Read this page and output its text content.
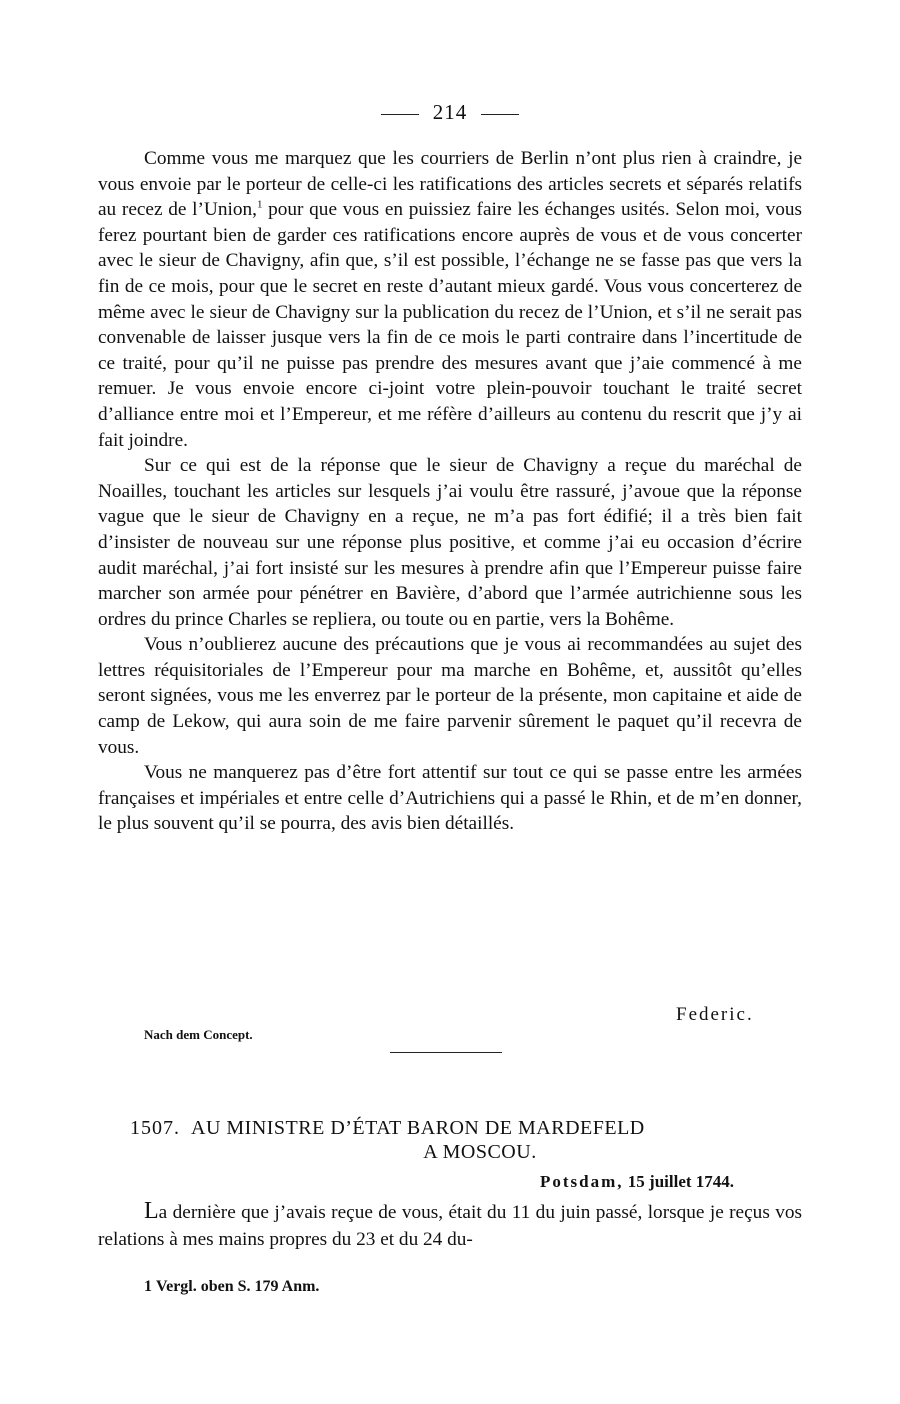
214

Comme vous me marquez que les courriers de Berlin n’ont plus rien à craindre, je vous envoie par le porteur de celle-ci les ratifications des articles secrets et séparés relatifs au recez de l’Union,$^1$ pour que vous en puissiez faire les échanges usités. Selon moi, vous ferez pourtant bien de garder ces ratifications encore auprès de vous et de vous concerter avec le sieur de Chavigny, afin que, s’il est possible, l’échange ne se fasse pas que vers la fin de ce mois, pour que le secret en reste d’autant mieux gardé. Vous vous concerterez de même avec le sieur de Chavigny sur la publication du recez de l’Union, et s’il ne serait pas convenable de laisser jusque vers la fin de ce mois le parti contraire dans l’incertitude de ce traité, pour qu’il ne puisse pas prendre des mesures avant que j’aie commencé à me remuer. Je vous envoie encore ci-joint votre plein-pouvoir touchant le traité secret d’alliance entre moi et l’Empereur, et me réfère d’ailleurs au contenu du rescrit que j’y ai fait joindre.

Sur ce qui est de la réponse que le sieur de Chavigny a reçue du maréchal de Noailles, touchant les articles sur lesquels j’ai voulu être rassuré, j’avoue que la réponse vague que le sieur de Chavigny en a reçue, ne m’a pas fort édifié; il a très bien fait d’insister de nouveau sur une réponse plus positive, et comme j’ai eu occasion d’écrire audit maréchal, j’ai fort insisté sur les mesures à prendre afin que l’Empereur puisse faire marcher son armée pour pénétrer en Bavière, d’abord que l’armée autrichienne sous les ordres du prince Charles se repliera, ou toute ou en partie, vers la Bohême.

Vous n’oublierez aucune des précautions que je vous ai recommandées au sujet des lettres réquisitoriales de l’Empereur pour ma marche en Bohême, et, aussitôt qu’elles seront signées, vous me les enverrez par le porteur de la présente, mon capitaine et aide de camp de Lekow, qui aura soin de me faire parvenir sûrement le paquet qu’il recevra de vous.

Vous ne manquerez pas d’être fort attentif sur tout ce qui se passe entre les armées françaises et impériales et entre celle d’Autrichiens qui a passé le Rhin, et de m’en donner, le plus souvent qu’il se pourra, des avis bien détaillés.

Federic.
Nach dem Concept.
1507. AU MINISTRE D’ÉTAT BARON DE MARDEFELD
A MOSCOU.
Potsdam, 15 juillet 1744.

La dernière que j’avais reçue de vous, était du 11 du juin passé, lorsque je reçus vos relations à mes mains propres du 23 et du 24 du-

1 Vergl. oben S. 179 Anm.
